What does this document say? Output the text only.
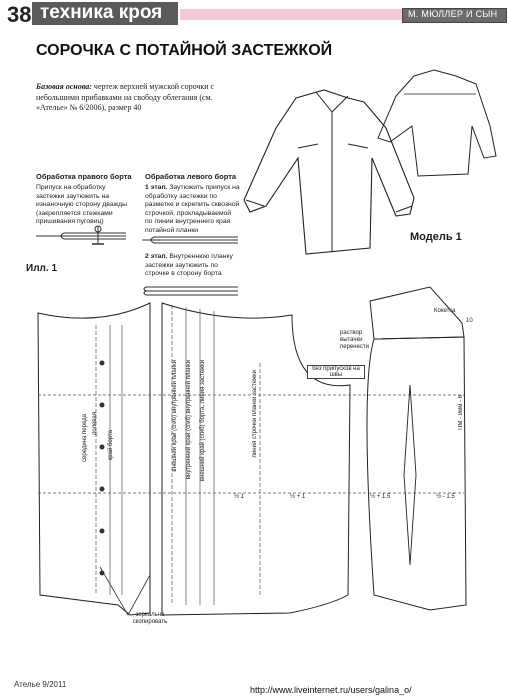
38 техника кроя	М. МЮЛЛЕР И СЫН
СОРОЧКА С ПОТАЙНОЙ ЗАСТЕЖКОЙ
Базовая основа: чертеж верхней мужской сорочки с небольшими прибавками на свободу облегания (см. «Ателье» № 6/2006), размер 40
Обработка правого борта
Припуск на обработку застежки заутюжить на изнаночную сторону дважды (закрепляется стежками пришивания пуговиц)
Обработка левого борта
1 этап. Заутюжить припуск на обработку застежки по разметке и скрепить сквозной строчкой, прокладываемой по линии внутреннего края потайной планки
2 этап. Внутреннюю планку застежки заутюжить по строчке в сторону борта
Илл. 1
Модель 1
без припусков на швы
Кокетка
раствор вытачки перенести
10
середина переда долевая
край борта	внешний край (сгиб) внутренней планки внутренний край (сгиб) внутренней планки внешний край (сгиб) борта, линия застежки	линия строчки планки застежки
½ 1	½ + 1	½ + 1.5	½ - 1.5
ПМ - 9мм - 6
зеркально скопировать
Ателье 9/2011
http://www.liveinternet.ru/users/galina_o/
